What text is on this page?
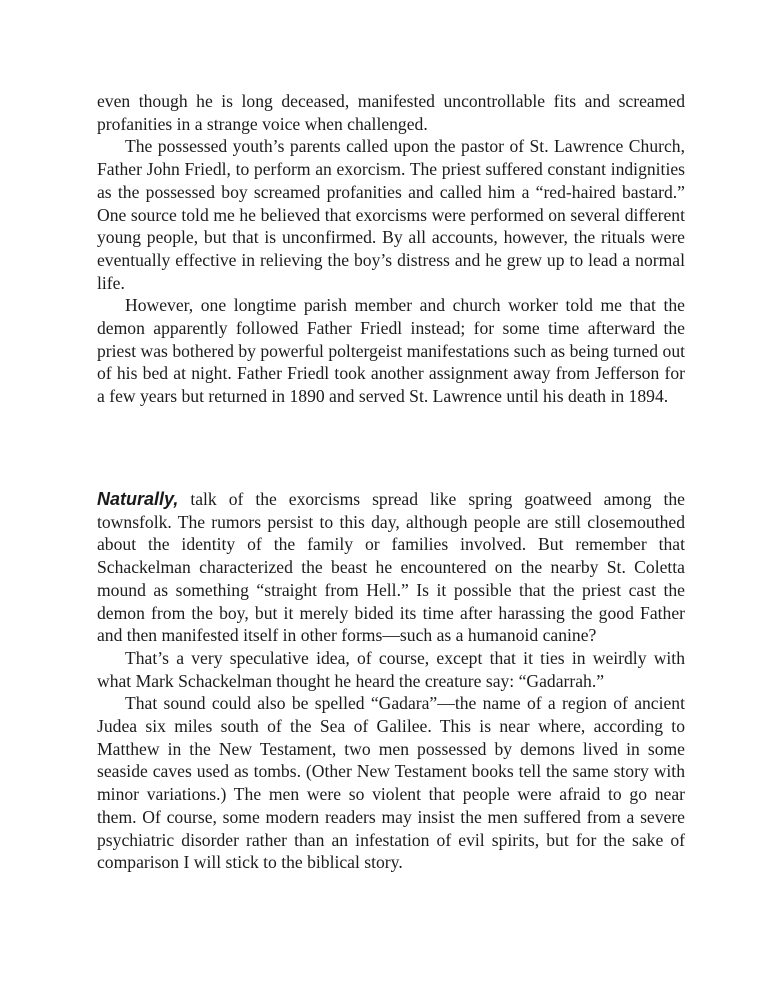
even though he is long deceased, manifested uncontrollable fits and screamed profanities in a strange voice when challenged.

The possessed youth’s parents called upon the pastor of St. Lawrence Church, Father John Friedl, to perform an exorcism. The priest suffered constant indignities as the possessed boy screamed profanities and called him a “red-haired bastard.” One source told me he believed that exorcisms were performed on several different young people, but that is unconfirmed. By all accounts, however, the rituals were eventually effective in relieving the boy’s distress and he grew up to lead a normal life.

However, one longtime parish member and church worker told me that the demon apparently followed Father Friedl instead; for some time afterward the priest was bothered by powerful poltergeist manifestations such as being turned out of his bed at night. Father Friedl took another assignment away from Jefferson for a few years but returned in 1890 and served St. Lawrence until his death in 1894.

Naturally, talk of the exorcisms spread like spring goatweed among the townsfolk. The rumors persist to this day, although people are still closemouthed about the identity of the family or families involved. But remember that Schackelman characterized the beast he encountered on the nearby St. Coletta mound as something “straight from Hell.” Is it possible that the priest cast the demon from the boy, but it merely bided its time after harassing the good Father and then manifested itself in other forms—such as a humanoid canine?

That’s a very speculative idea, of course, except that it ties in weirdly with what Mark Schackelman thought he heard the creature say: “Gadarrah.”

That sound could also be spelled “Gadara”—the name of a region of ancient Judea six miles south of the Sea of Galilee. This is near where, according to Matthew in the New Testament, two men possessed by demons lived in some seaside caves used as tombs. (Other New Testament books tell the same story with minor variations.) The men were so violent that people were afraid to go near them. Of course, some modern readers may insist the men suffered from a severe psychiatric disorder rather than an infestation of evil spirits, but for the sake of comparison I will stick to the biblical story.
